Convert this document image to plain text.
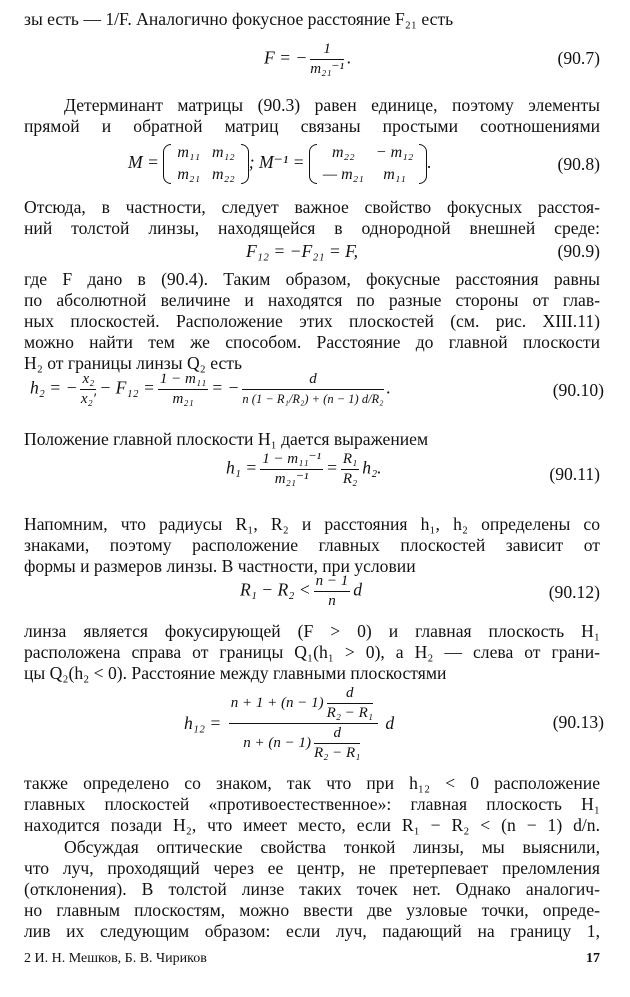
зы есть — 1/F. Аналогично фокусное расстояние F₂₁ есть
F = − $\frac{1}{\text{m₂₁⁻¹}}$ .	(90.7)
Детерминант матрицы (90.3) равен единице, поэтому элементы
прямой и обратной матриц связаны простыми соотношениями
M = m₁₁	m₁₂
m₂₁	m₂₂
; M⁻¹ = m₂₂	− m₁₂
— m₂₁	m₁₁
.	(90.8)
Отсюда, в частности, следует важное свойство фокусных расстоя-
ний толстой линзы, находящейся в однородной внешней среде:
F₁₂ = −F₂₁ = F,	(90.9)
где F дано в (90.4). Таким образом, фокусные расстояния равны
по абсолютной величине и находятся по разные стороны от глав-
ных плоскостей. Расположение этих плоскостей (см. рис. XIII.11)
можно найти тем же способом. Расстояние до главной плоскости
H₂ от границы линзы Q₂ есть
h₂ = − $\frac{\text{x₂}}{\text{x₂′}} - F_{12} = \frac{\text{1 − m₁₁}}{\text{m₂₁}}$ = − $\frac{d}{\text{n (1 − R₁/R₂) + (n − 1) d/R₂}}$ .	(90.10)
Положение главной плоскости H₁ дается выражением
$h_1 = \frac{\text{1 − m₁₁⁻¹}}{\text{m₂₁⁻¹}} = \frac{\text{R₁}}{\text{R₂}} h_2$.	(90.11)
Напомним, что радиусы R₁, R₂ и расстояния h₁, h₂ определены со
знаками, поэтому расположение главных плоскостей зависит от
формы и размеров линзы. В частности, при условии
$R_1 - R_2 < \frac{n - 1}{n}$ d	(90.12)
линза является фокусирующей (F > 0) и главная плоскость H₁
расположена справа от границы Q₁(h₁ > 0), а H₂ — слева от грани-
цы Q₂(h₂ < 0). Расстояние между главными плоскостями
$h_{12} = \frac{n + 1 + (n - 1) \frac{d}{\text{R₂ − R₁}}}{n + (n - 1) \frac{d}{\text{R₂ − R₁}}}$ d	(90.13)
также определено со знаком, так что при h₁₂ < 0 расположение
главных плоскостей «противоестественное»: главная плоскость H₁
находится позади H₂, что имеет место, если R₁ − R₂ < (n − 1) d/n.
Обсуждая оптические свойства тонкой линзы, мы выяснили,
что луч, проходящий через ее центр, не претерпевает преломления
(отклонения). В толстой линзе таких точек нет. Однако аналогич-
но главным плоскостям, можно ввести две узловые точки, опреде-
лив их следующим образом: если луч, падающий на границу 1,
2 И. Н. Мешков, Б. В. Чириков	17
